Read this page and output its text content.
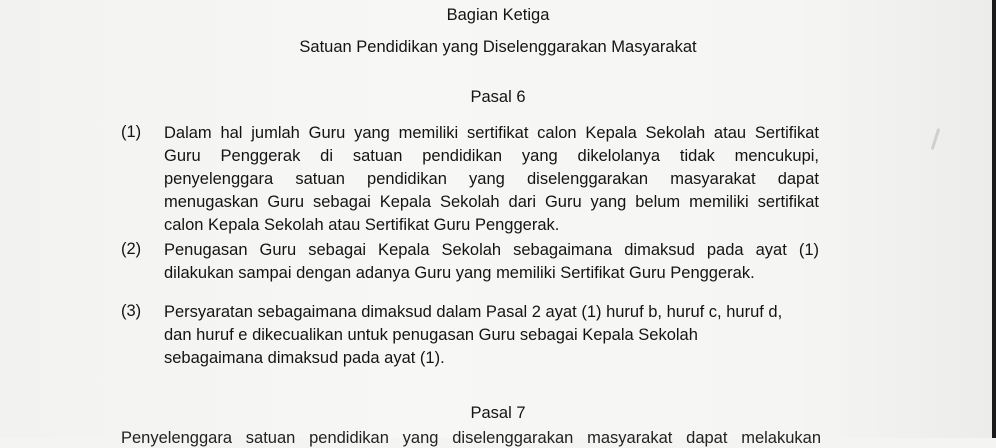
Bagian Ketiga
Satuan Pendidikan yang Diselenggarakan Masyarakat
Pasal 6
(1) Dalam hal jumlah Guru yang memiliki sertifikat calon Kepala Sekolah atau Sertifikat
Guru Penggerak di satuan pendidikan yang dikelolanya tidak mencukupi,
penyelenggara satuan pendidikan yang diselenggarakan masyarakat dapat
menugaskan Guru sebagai Kepala Sekolah dari Guru yang belum memiliki sertifikat
calon Kepala Sekolah atau Sertifikat Guru Penggerak.
(2) Penugasan Guru sebagai Kepala Sekolah sebagaimana dimaksud pada ayat (1)
dilakukan sampai dengan adanya Guru yang memiliki Sertifikat Guru Penggerak.
(3) Persyaratan sebagaimana dimaksud dalam Pasal 2 ayat (1) huruf b, huruf c, huruf d,
dan huruf e dikecualikan untuk penugasan Guru sebagai Kepala Sekolah
sebagaimana dimaksud pada ayat (1).
Pasal 7
Penyelenggara satuan pendidikan yang diselenggarakan masyarakat dapat melakukan
